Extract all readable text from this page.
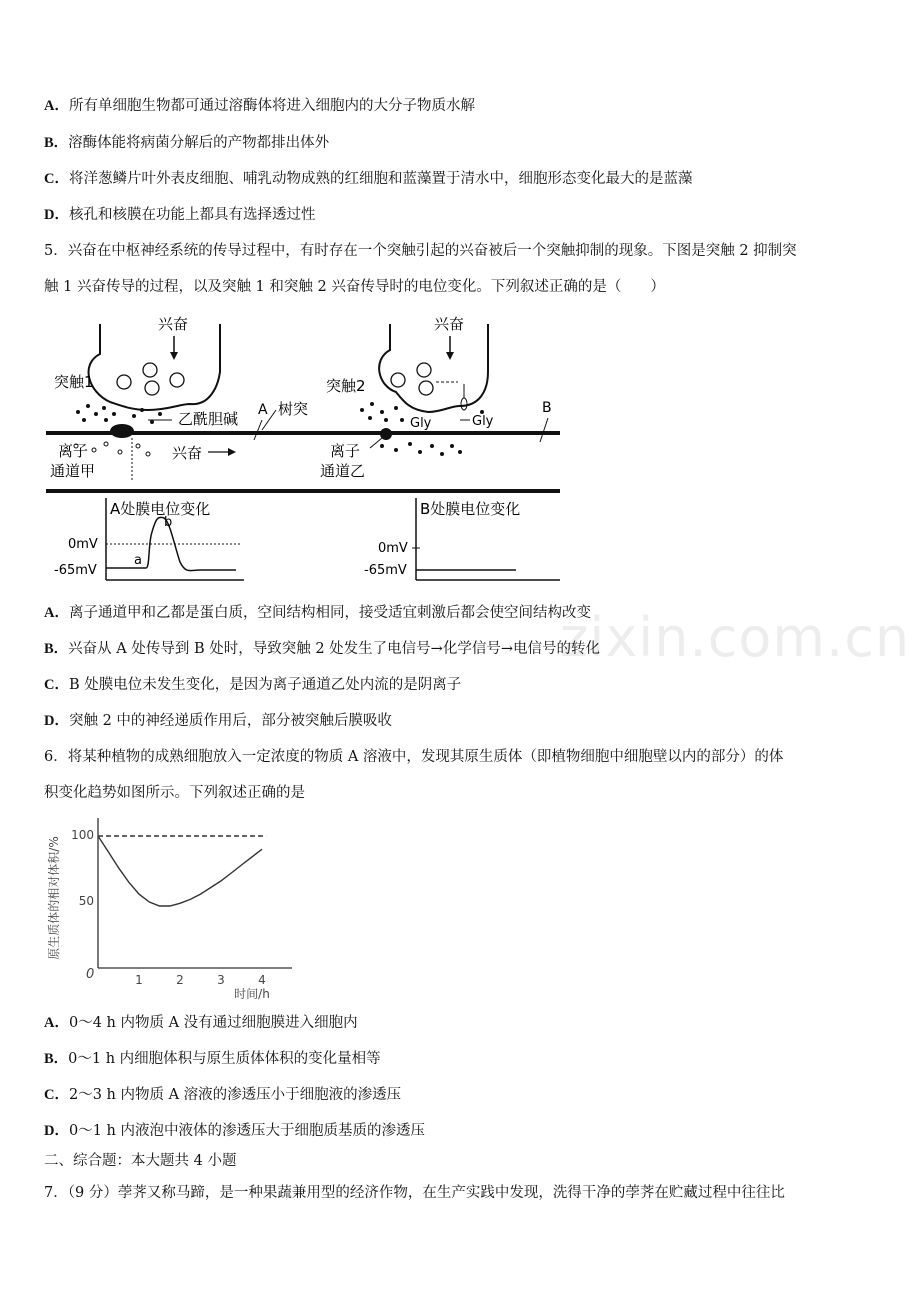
A．所有单细胞生物都可通过溶酶体将进入细胞内的大分子物质水解
B．溶酶体能将病菌分解后的产物都排出体外
C．将洋葱鳞片叶外表皮细胞、哺乳动物成熟的红细胞和蓝藻置于清水中，细胞形态变化最大的是蓝藻
D．核孔和核膜在功能上都具有选择透过性
5．兴奋在中枢神经系统的传导过程中，有时存在一个突触引起的兴奋被后一个突触抑制的现象。下图是突触 2 抑制突
触 1 兴奋传导的过程，以及突触 1 和突触 2 兴奋传导时的电位变化。下列叙述正确的是（　　）
兴奋
突触1
乙酰胆碱
离子
通道甲
兴奋
A 树突
兴奋
突触2
Gly	Gly
离子
通道乙
B
A处膜电位变化
0mV
-65mV
a
b
B处膜电位变化
0mV
-65mV
A．离子通道甲和乙都是蛋白质，空间结构相同，接受适宜刺激后都会使空间结构改变
B．兴奋从 A 处传导到 B 处时，导致突触 2 处发生了电信号→化学信号→电信号的转化
C．B 处膜电位未发生变化，是因为离子通道乙处内流的是阴离子
D．突触 2 中的神经递质作用后，部分被突触后膜吸收
6．将某种植物的成熟细胞放入一定浓度的物质 A 溶液中，发现其原生质体（即植物细胞中细胞壁以内的部分）的体
积变化趋势如图所示。下列叙述正确的是
原生质体的相对体积/%
时间/h
0	1	2	3	4
50
100
A．0～4 h 内物质 A 没有通过细胞膜进入细胞内
B．0～1 h 内细胞体积与原生质体体积的变化量相等
C．2～3 h 内物质 A 溶液的渗透压小于细胞液的渗透压
D．0～1 h 内液泡中液体的渗透压大于细胞质基质的渗透压
二、综合题：本大题共 4 小题
7．（9 分）荸荠又称马蹄，是一种果蔬兼用型的经济作物，在生产实践中发现，洗得干净的荸荠在贮藏过程中往往比
zixin.com.cn
